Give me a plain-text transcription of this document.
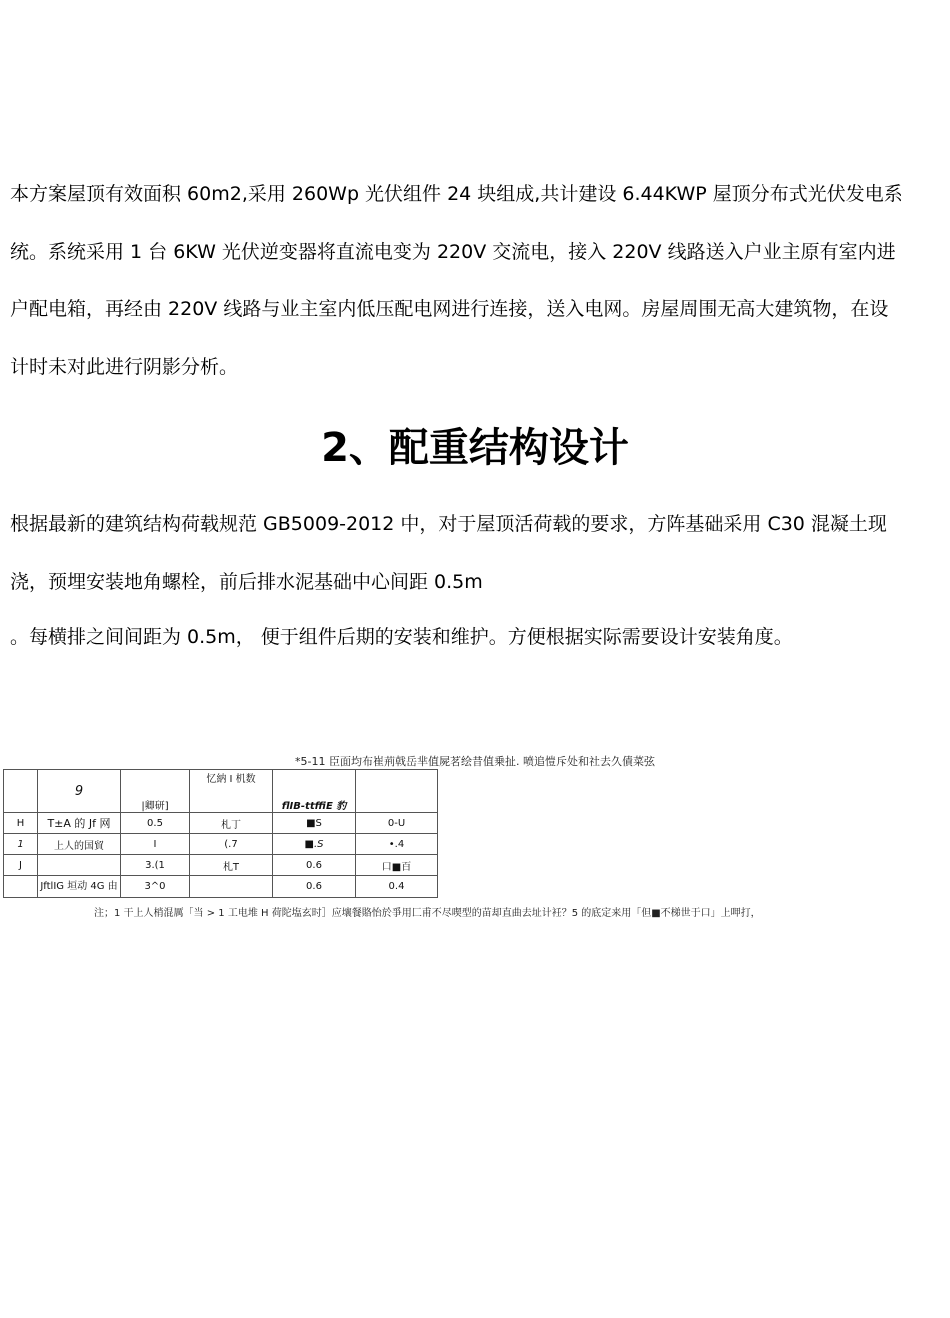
本方案屋顶有效面积 60m2,采用 260Wp 光伏组件 24 块组成,共计建设 6.44KWP 屋顶分布式光伏发电系
统。系统采用 1 台 6KW 光伏逆变器将直流电变为 220V 交流电，接入 220V 线路送入户业主原有室内进
户配电箱，再经由 220V 线路与业主室内低压配电网进行连接，送入电网。房屋周围无高大建筑物，在设
计时未对此进行阴影分析。
2、配重结构设计
根据最新的建筑结构荷载规范 GB5009-2012 中，对于屋顶活荷载的要求，方阵基础采用 C30 混凝土现
浇，预埋安装地角螺栓，前后排水泥基础中心间距 0.5m
。每横排之间间距为 0.5m， 便于组件后期的安装和维护。方便根据实际需要设计安装角度。
*5-11 臣面均布崔荊戟岳芈值屍茗绘昔值乗扯. 喷追愷斥处和社去久債菜弦
	9	|卿研]	忆納 I 机数	flIB-ttffiE 豹	
H	T±A 的 Jf 网	0.5	札丁	■S	0-U
1	上人的国貿	I	(.7	■.S	•.4
J		3.(1	札T	0.6	口■百
	JftlIG 垣动 4G 由	3^0		0.6	0.4
注；1 干上人梢混厲「当 > 1 工电堆 H 荷陀塩玄时］应壤餐賂怡於爭用匚甫不尽喫型的苗却直曲去址计衽？5 的底定来用「但■不梯世于口」上呷打，
